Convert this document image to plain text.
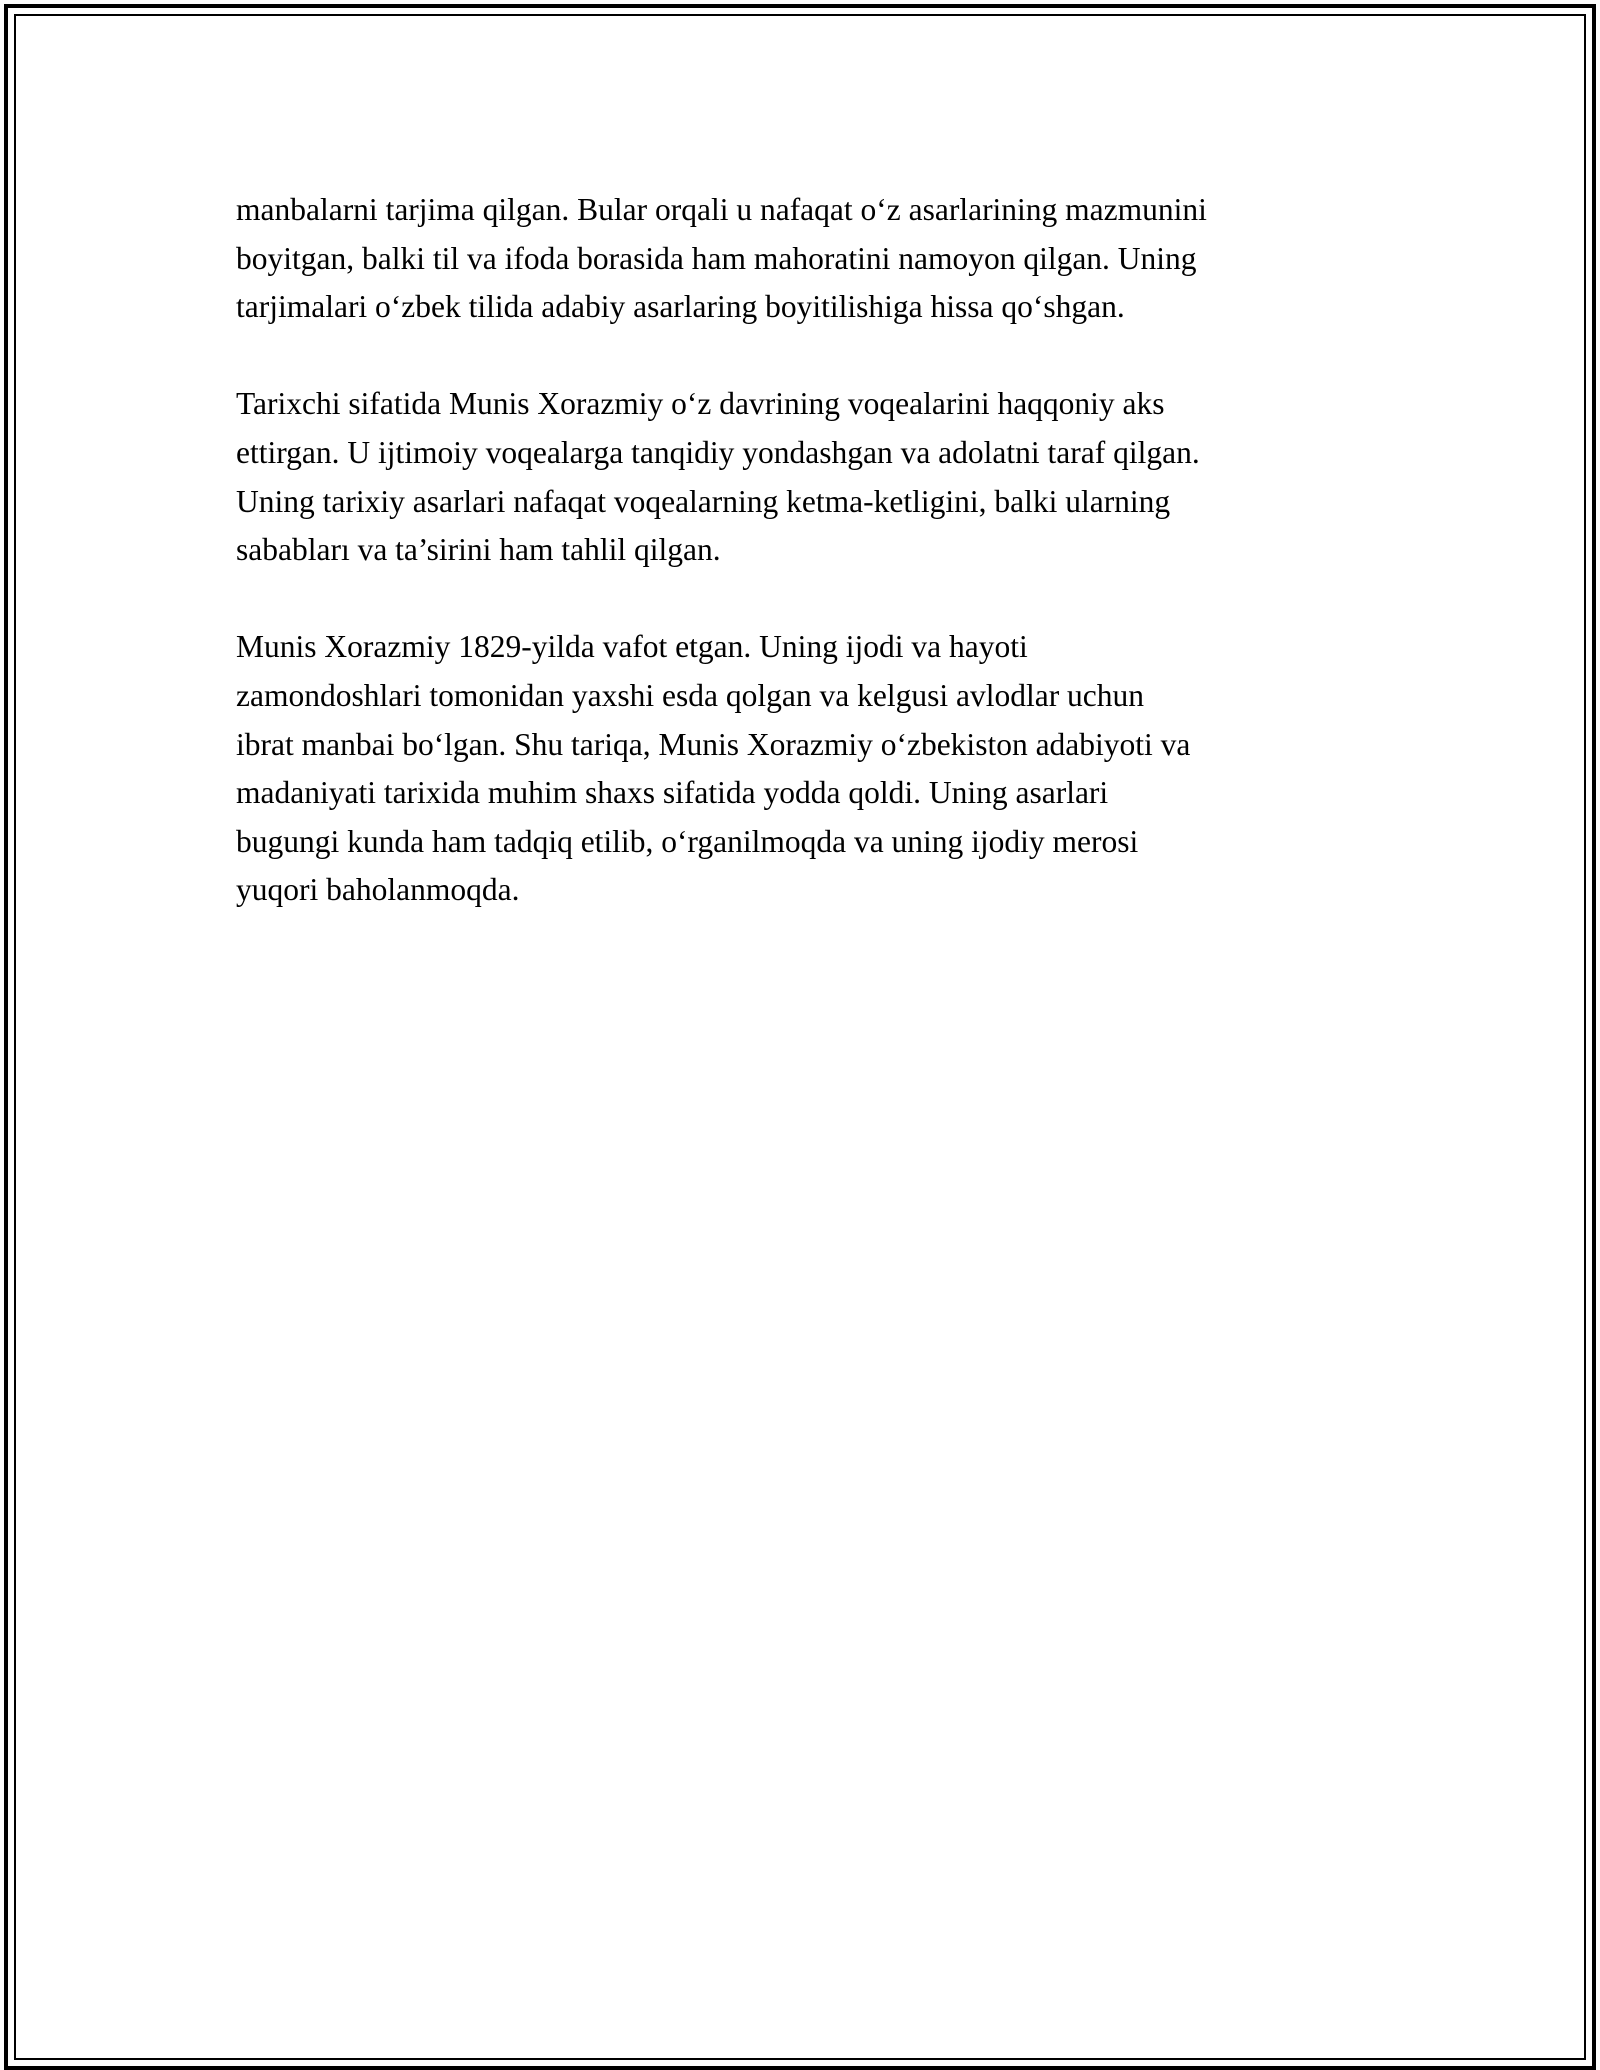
manbalarni tarjima qilgan. Bular orqali u nafaqat o‘z asarlarining mazmunini
boyitgan, balki til va ifoda borasida ham mahoratini namoyon qilgan. Uning
tarjimalari o‘zbek tilida adabiy asarlaring boyitilishiga hissa qo‘shgan.

Tarixchi sifatida Munis Xorazmiy o‘z davrining voqealarini haqqoniy aks
ettirgan. U ijtimoiy voqealarga tanqidiy yondashgan va adolatni taraf qilgan.
Uning tarixiy asarlari nafaqat voqealarning ketma-ketligini, balki ularning
sababları va ta’sirini ham tahlil qilgan.

Munis Xorazmiy 1829-yilda vafot etgan. Uning ijodi va hayoti
zamondoshlari tomonidan yaxshi esda qolgan va kelgusi avlodlar uchun
ibrat manbai bo‘lgan. Shu tariqa, Munis Xorazmiy o‘zbekiston adabiyoti va
madaniyati tarixida muhim shaxs sifatida yodda qoldi. Uning asarlari
bugungi kunda ham tadqiq etilib, o‘rganilmoqda va uning ijodiy merosi
yuqori baholanmoqda.
